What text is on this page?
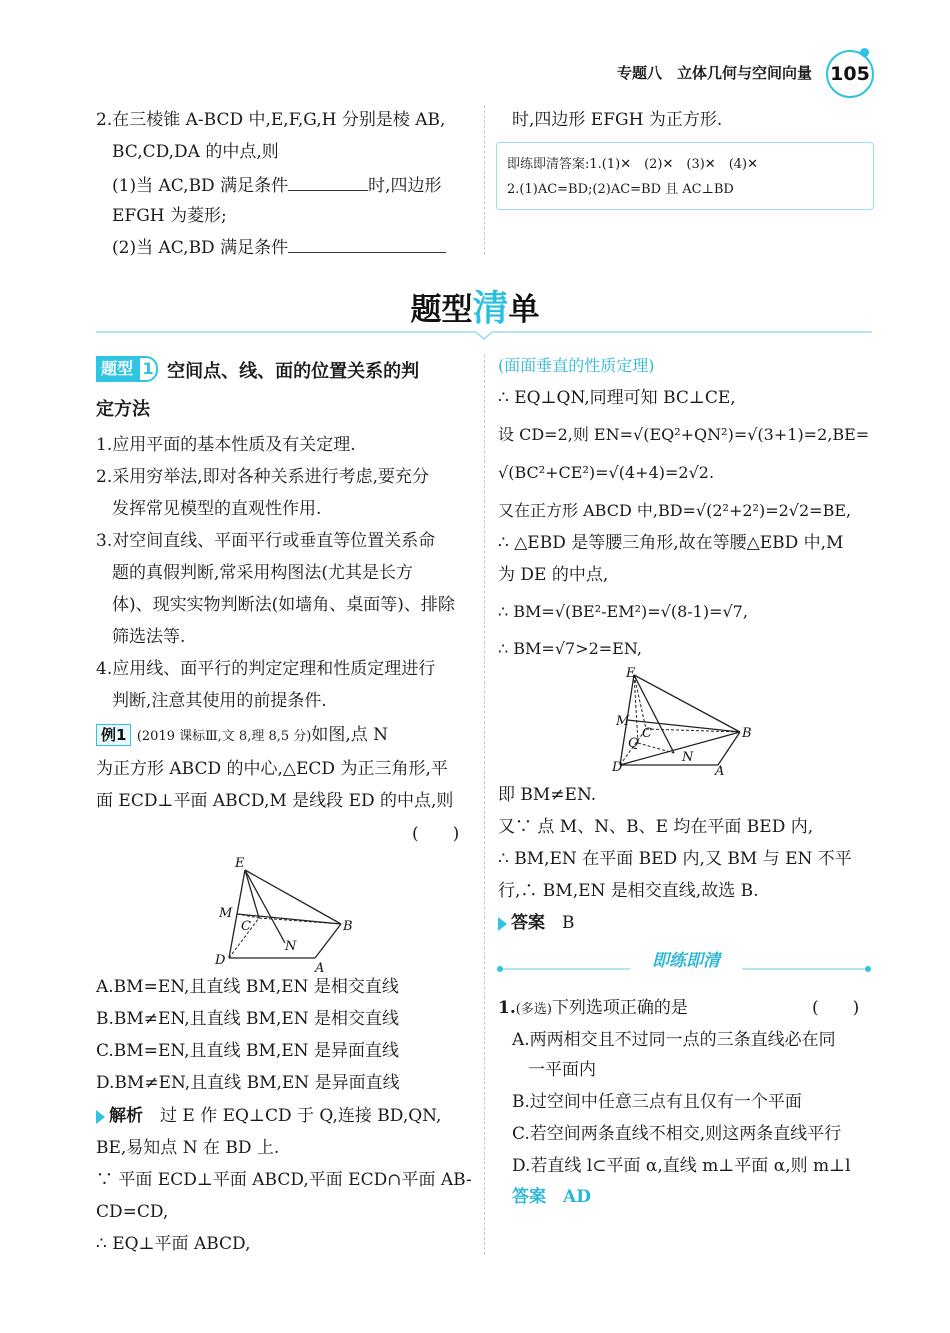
专题八　立体几何与空间向量 105
2.在三棱锥 A-BCD 中,E,F,G,H 分别是棱 AB,
BC,CD,DA 的中点,则
(1)当 AC,BD 满足条件	时,四边形
EFGH 为菱形;
(2)当 AC,BD 满足条件
时,四边形 EFGH 为正方形.
即练即清答案:1.(1)✕　(2)✕　(3)✕　(4)✕
2.(1)AC=BD;(2)AC=BD 且 AC⊥BD
题型清单
题型 1 空间点、线、面的位置关系的判
定方法
1.应用平面的基本性质及有关定理.
2.采用穷举法,即对各种关系进行考虑,要充分
发挥常见模型的直观性作用.
3.对空间直线、平面平行或垂直等位置关系命
题的真假判断,常采用构图法(尤其是长方
体)、现实实物判断法(如墙角、桌面等)、排除
筛选法等.
4.应用线、面平行的判定定理和性质定理进行
判断,注意其使用的前提条件.
例1 (2019 课标Ⅲ,文 8,理 8,5 分)如图,点 N
为正方形 ABCD 的中心,△ECD 为正三角形,平
面 ECD⊥平面 ABCD,M 是线段 ED 的中点,则
(　　)
E
M
C
N
B
D
A
A.BM=EN,且直线 BM,EN 是相交直线
B.BM≠EN,且直线 BM,EN 是相交直线
C.BM=EN,且直线 BM,EN 是异面直线
D.BM≠EN,且直线 BM,EN 是异面直线
解析　 过 E 作 EQ⊥CD 于 Q,连接 BD,QN,
BE,易知点 N 在 BD 上.
∵ 平面 ECD⊥平面 ABCD,平面 ECD∩平面 AB-
CD=CD,
∴ EQ⊥平面 ABCD,
(面面垂直的性质定理)
∴ EQ⊥QN,同理可知 BC⊥CE,
设 CD=2,则 EN=√(EQ²+QN²)=√(3+1)=2,BE=
√(BC²+CE²)=√(4+4)=2√2.
又在正方形 ABCD 中,BD=√(2²+2²)=2√2=BE,
∴ △EBD 是等腰三角形,故在等腰△EBD 中,M
为 DE 的中点,
∴ BM=√(BE²-EM²)=√(8-1)=√7,
∴ BM=√7>2=EN,
E
M
C
Q
N
B
D	A
即 BM≠EN.
又∵ 点 M、N、B、E 均在平面 BED 内,
∴ BM,EN 在平面 BED 内,又 BM 与 EN 不平
行,∴ BM,EN 是相交直线,故选 B.
答案　 B
即练即清
1.(多选)下列选项正确的是	(　　)
A.两两相交且不过同一点的三条直线必在同
一平面内
B.过空间中任意三点有且仅有一个平面
C.若空间两条直线不相交,则这两条直线平行
D.若直线 l⊂平面 α,直线 m⊥平面 α,则 m⊥l
答案　 AD
